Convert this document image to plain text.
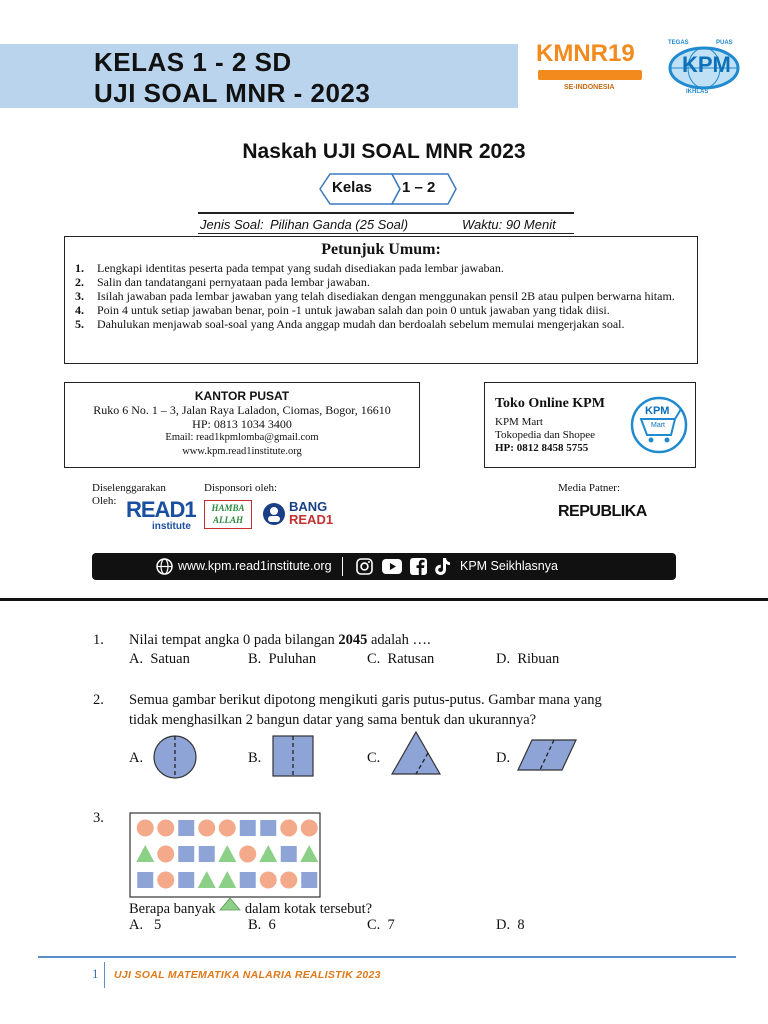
KELAS 1 - 2 SD
UJI SOAL MNR - 2023
KMNR19
SE-INDONESIA
TEGAS	PUAS
KPM
IKHLAS
Naskah UJI SOAL MNR 2023
Kelas 1 – 2
Jenis Soal: Pilihan Ganda (25 Soal)	Waktu: 90 Menit
Petunjuk Umum:
1.	Lengkapi identitas peserta pada tempat yang sudah disediakan pada lembar jawaban.
2.	Salin dan tandatangani pernyataan pada lembar jawaban.
3.	Isilah jawaban pada lembar jawaban yang telah disediakan dengan menggunakan pensil 2B atau pulpen berwarna hitam.
4.	Poin 4 untuk setiap jawaban benar, poin -1 untuk jawaban salah dan poin 0 untuk jawaban yang tidak diisi.
5.	Dahulukan menjawab soal-soal yang Anda anggap mudah dan berdoalah sebelum memulai mengerjakan soal.
KANTOR PUSAT
Ruko 6 No. 1 – 3, Jalan Raya Laladon, Ciomas, Bogor, 16610
HP: 0813 1034 3400
Email: read1kpmlomba@gmail.com
www.kpm.read1institute.org
Toko Online KPM
KPM Mart
Tokopedia dan Shopee
HP: 0812 8458 5755
KPM
Mart
Diselenggarakan
Oleh: READ1
institute
Disponsori oleh:
HAMBA
ALLAH
BANG
READ1
Media Patner:
REPUBLIKA
www.kpm.read1institute.org	KPM Seikhlasnya
1. Nilai tempat angka 0 pada bilangan 2045 adalah ….
A. Satuan	B. Puluhan	C. Ratusan	D. Ribuan
2. Semua gambar berikut dipotong mengikuti garis putus-putus. Gambar mana yang
tidak menghasilkan 2 bangun datar yang sama bentuk dan ukurannya?
A.	B.	C.	D.
3.
Berapa banyak dalam kotak tersebut?
A. 5	B. 6	C. 7	D. 8
1 UJI SOAL MATEMATIKA NALARIA REALISTIK 2023
